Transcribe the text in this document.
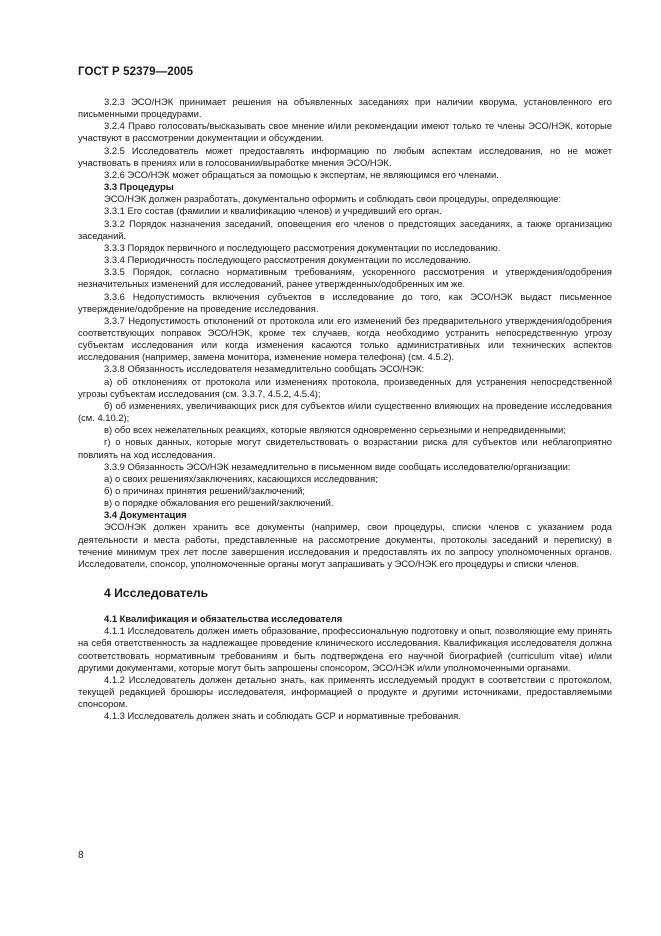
ГОСТ Р 52379—2005

3.2.3 ЭСО/НЭК принимает решения на объявленных заседаниях при наличии кворума, установленного его письменными процедурами.

3.2.4 Право голосовать/высказывать свое мнение и/или рекомендации имеют только те члены ЭСО/НЭК, которые участвуют в рассмотрении документации и обсуждении.

3.2.5 Исследователь может предоставлять информацию по любым аспектам исследования, но не может участвовать в прениях или в голосовании/выработке мнения ЭСО/НЭК.

3.2.6 ЭСО/НЭК может обращаться за помощью к экспертам, не являющимся его членами.

3.3 Процедуры

ЭСО/НЭК должен разработать, документально оформить и соблюдать свои процедуры, определяющие:

3.3.1 Его состав (фамилии и квалификацию членов) и учредивший его орган.

3.3.2 Порядок назначения заседаний, оповещения его членов о предстоящих заседаниях, а также организацию заседаний.

3.3.3 Порядок первичного и последующего рассмотрения документации по исследованию.

3.3.4 Периодичность последующего рассмотрения документации по исследованию.

3.3.5 Порядок, согласно нормативным требованиям, ускоренного рассмотрения и утверждения/одобрения незначительных изменений для исследований, ранее утвержденных/одобренных им же.

3.3.6 Недопустимость включения субъектов в исследование до того, как ЭСО/НЭК выдаст письменное утверждение/одобрение на проведение исследования.

3.3.7 Недопустимость отклонений от протокола или его изменений без предварительного утверждения/одобрения соответствующих поправок ЭСО/НЭК, кроме тех случаев, когда необходимо устранить непосредственную угрозу субъектам исследования или когда изменения касаются только административных или технических аспектов исследования (например, замена монитора, изменение номера телефона) (см. 4.5.2).

3.3.8 Обязанность исследователя незамедлительно сообщать ЭСО/НЭК:

а) об отклонениях от протокола или изменениях протокола, произведенных для устранения непосредственной угрозы субъектам исследования (см. 3.3.7, 4.5.2, 4.5.4);

б) об изменениях, увеличивающих риск для субъектов и/или существенно влияющих на проведение исследования (см. 4.10.2);

в) обо всех нежелательных реакциях, которые являются одновременно серьезными и непредвиденными;

г) о новых данных, которые могут свидетельствовать о возрастании риска для субъектов или неблагоприятно повлиять на ход исследования.

3.3.9 Обязанность ЭСО/НЭК незамедлительно в письменном виде сообщать исследователю/организации:

а) о своих решениях/заключениях, касающихся исследования;

б) о причинах принятия решений/заключений;

в) о порядке обжалования его решений/заключений.

3.4 Документация

ЭСО/НЭК должен хранить все документы (например, свои процедуры, списки членов с указанием рода деятельности и места работы, представленные на рассмотрение документы, протоколы заседаний и переписку) в течение минимум трех лет после завершения исследования и предоставлять их по запросу уполномоченных органов. Исследователи, спонсор, уполномоченные органы могут запрашивать у ЭСО/НЭК его процедуры и списки членов.

4 Исследователь

4.1 Квалификация и обязательства исследователя

4.1.1 Исследователь должен иметь образование, профессиональную подготовку и опыт, позволяющие ему принять на себя ответственность за надлежащее проведение клинического исследования. Квалификация исследователя должна соответствовать нормативным требованиям и быть подтверждена его научной биографией (curriculum vitae) и/или другими документами, которые могут быть запрошены спонсором, ЭСО/НЭК и/или уполномоченными органами.

4.1.2 Исследователь должен детально знать, как применять исследуемый продукт в соответствии с протоколом, текущей редакцией брошюры исследователя, информацией о продукте и другими источниками, предоставляемыми спонсором.

4.1.3 Исследователь должен знать и соблюдать GCP и нормативные требования.

8
